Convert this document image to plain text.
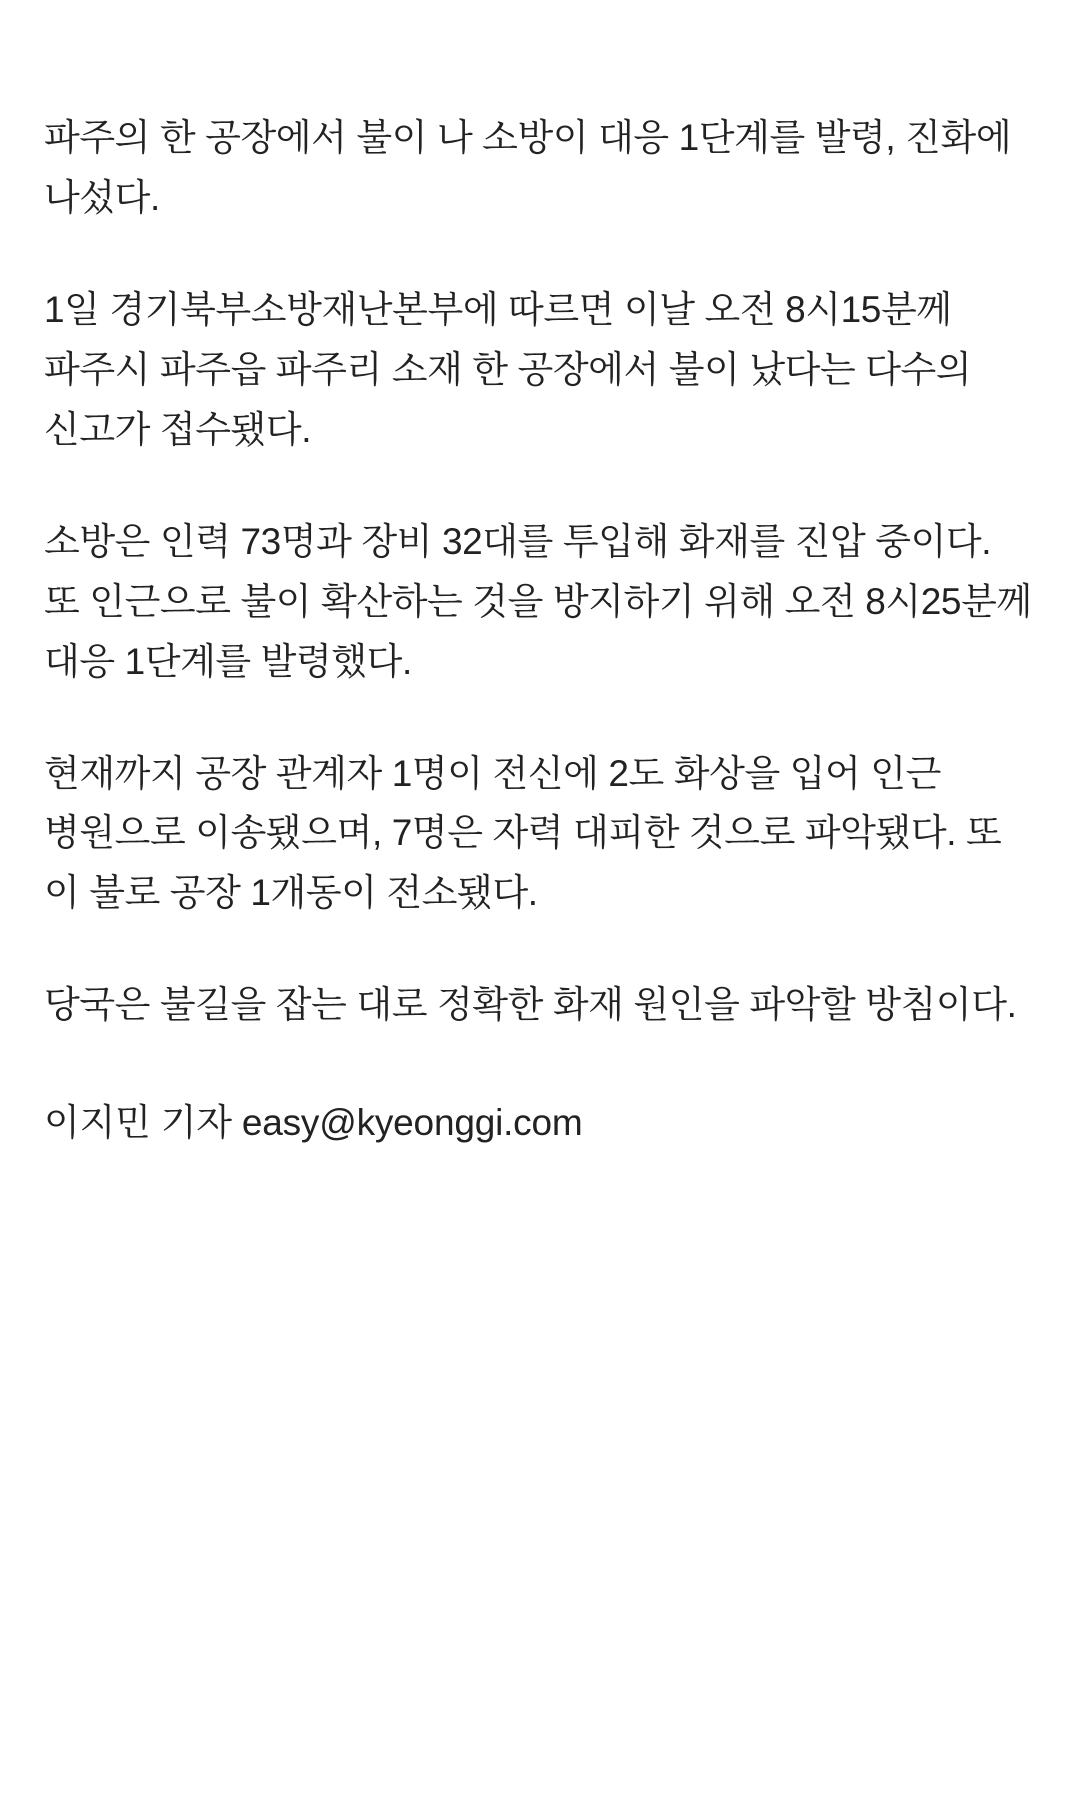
파주의 한 공장에서 불이 나 소방이 대응 1단계를 발령, 진화에 나섰다.

1일 경기북부소방재난본부에 따르면 이날 오전 8시15분께 파주시 파주읍 파주리 소재 한 공장에서 불이 났다는 다수의 신고가 접수됐다.

소방은 인력 73명과 장비 32대를 투입해 화재를 진압 중이다. 또 인근으로 불이 확산하는 것을 방지하기 위해 오전 8시25분께 대응 1단계를 발령했다.

현재까지 공장 관계자 1명이 전신에 2도 화상을 입어 인근 병원으로 이송됐으며, 7명은 자력 대피한 것으로 파악됐다. 또 이 불로 공장 1개동이 전소됐다.

당국은 불길을 잡는 대로 정확한 화재 원인을 파악할 방침이다.

이지민 기자 easy@kyeonggi.com
